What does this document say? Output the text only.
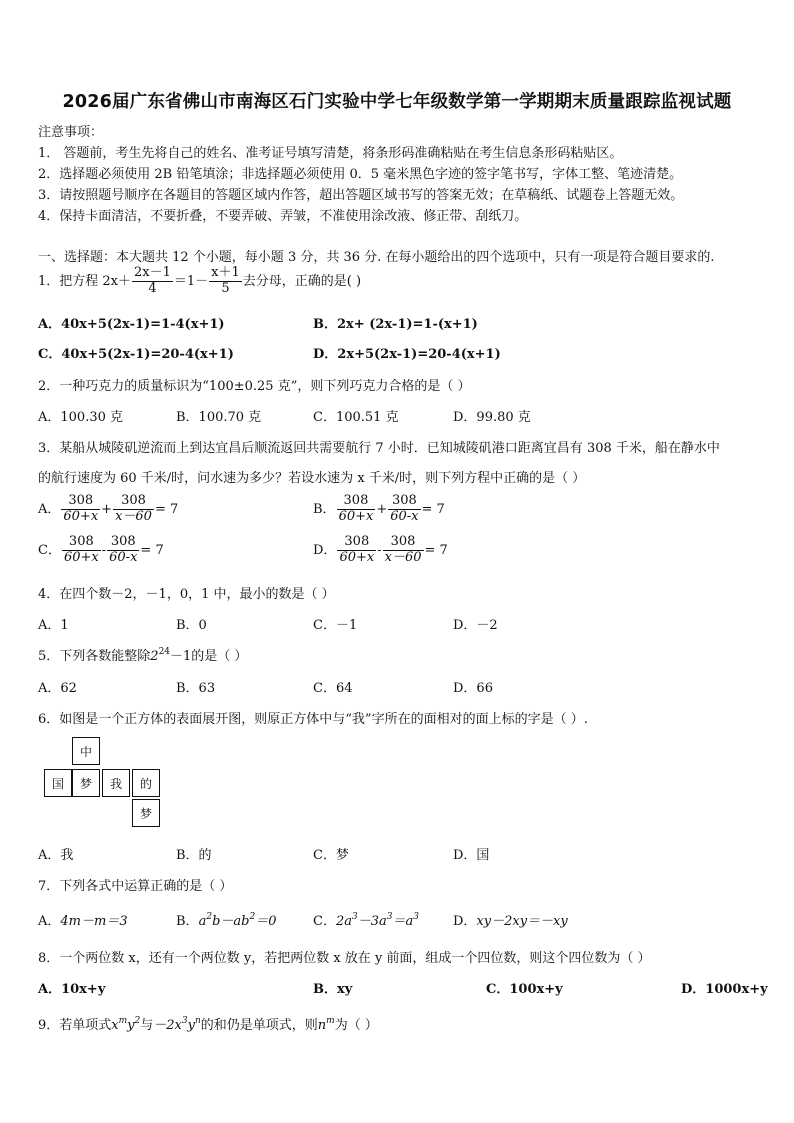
2026届广东省佛山市南海区石门实验中学七年级数学第一学期期末质量跟踪监视试题
注意事项：
1． 答题前，考生先将自己的姓名、准考证号填写清楚，将条形码准确粘贴在考生信息条形码粘贴区。
2．选择题必须使用 2B 铅笔填涂；非选择题必须使用 0．5 毫米黑色字迹的签字笔书写，字体工整、笔迹清楚。
3．请按照题号顺序在各题目的答题区域内作答，超出答题区域书写的答案无效；在草稿纸、试题卷上答题无效。
4．保持卡面清洁，不要折叠，不要弄破、弄皱，不准使用涂改液、修正带、刮纸刀。
一、选择题：本大题共 12 个小题，每小题 3 分，共 36 分. 在每小题给出的四个选项中，只有一项是符合题目要求的.
1．把方程 $2x+ \frac{2x-1}{4} =1- \frac{x+1}{5}$ 去分母，正确的是( )
A．40x+5(2x-1)=1-4(x+1)	B．2x+ (2x-1)=1-(x+1)
C．40x+5(2x-1)=20-4(x+1)	D．2x+5(2x-1)=20-4(x+1)
2．一种巧克力的质量标识为“100±0.25 克”，则下列巧克力合格的是（ ）
A．100.30 克	B．100.70 克	C．100.51 克	D．99.80 克
3．某船从城陵矶逆流而上到达宜昌后顺流返回共需要航行 7 小时．已知城陵矶港口距离宜昌有 308 千米，船在静水中
的航行速度为 60 千米/时，问水速为多少？若设水速为 x 千米/时，则下列方程中正确的是（ ）
A． $\frac{308}{60+x} + \frac{308}{x-60} = 7$	B． $\frac{308}{60+x} + \frac{308}{60-x} = 7$
C． $\frac{308}{60+x} - \frac{308}{60-x} = 7$	D． $\frac{308}{60+x} - \frac{308}{x-60} = 7$
4．在四个数－2，－1，0，1 中，最小的数是（ ）
A．1	B．0	C．－1	D．－2
5．下列各数能整除$2^{24}-1$的是（ ）
A．62	B．63	C．64	D．66
6．如图是一个正方体的表面展开图，则原正方体中与“我”字所在的面相对的面上标的字是（ ）.
中
国	梦	我	的
梦
A．我	B．的	C．梦	D．国
7．下列各式中运算正确的是（ ）
A．4m－m＝3	B．$a^2b-ab^2=0$	C．$2a^3-3a^3=a^3$	D．xy－2xy＝－xy
8．一个两位数 x，还有一个两位数 y，若把两位数 x 放在 y 前面，组成一个四位数，则这个四位数为（ ）
A．10x+y	B．xy	C．100x+y	D．1000x+y
9．若单项式$x^my^2$与$-2x^3y^n$的和仍是单项式，则$n^m$为（ ）
